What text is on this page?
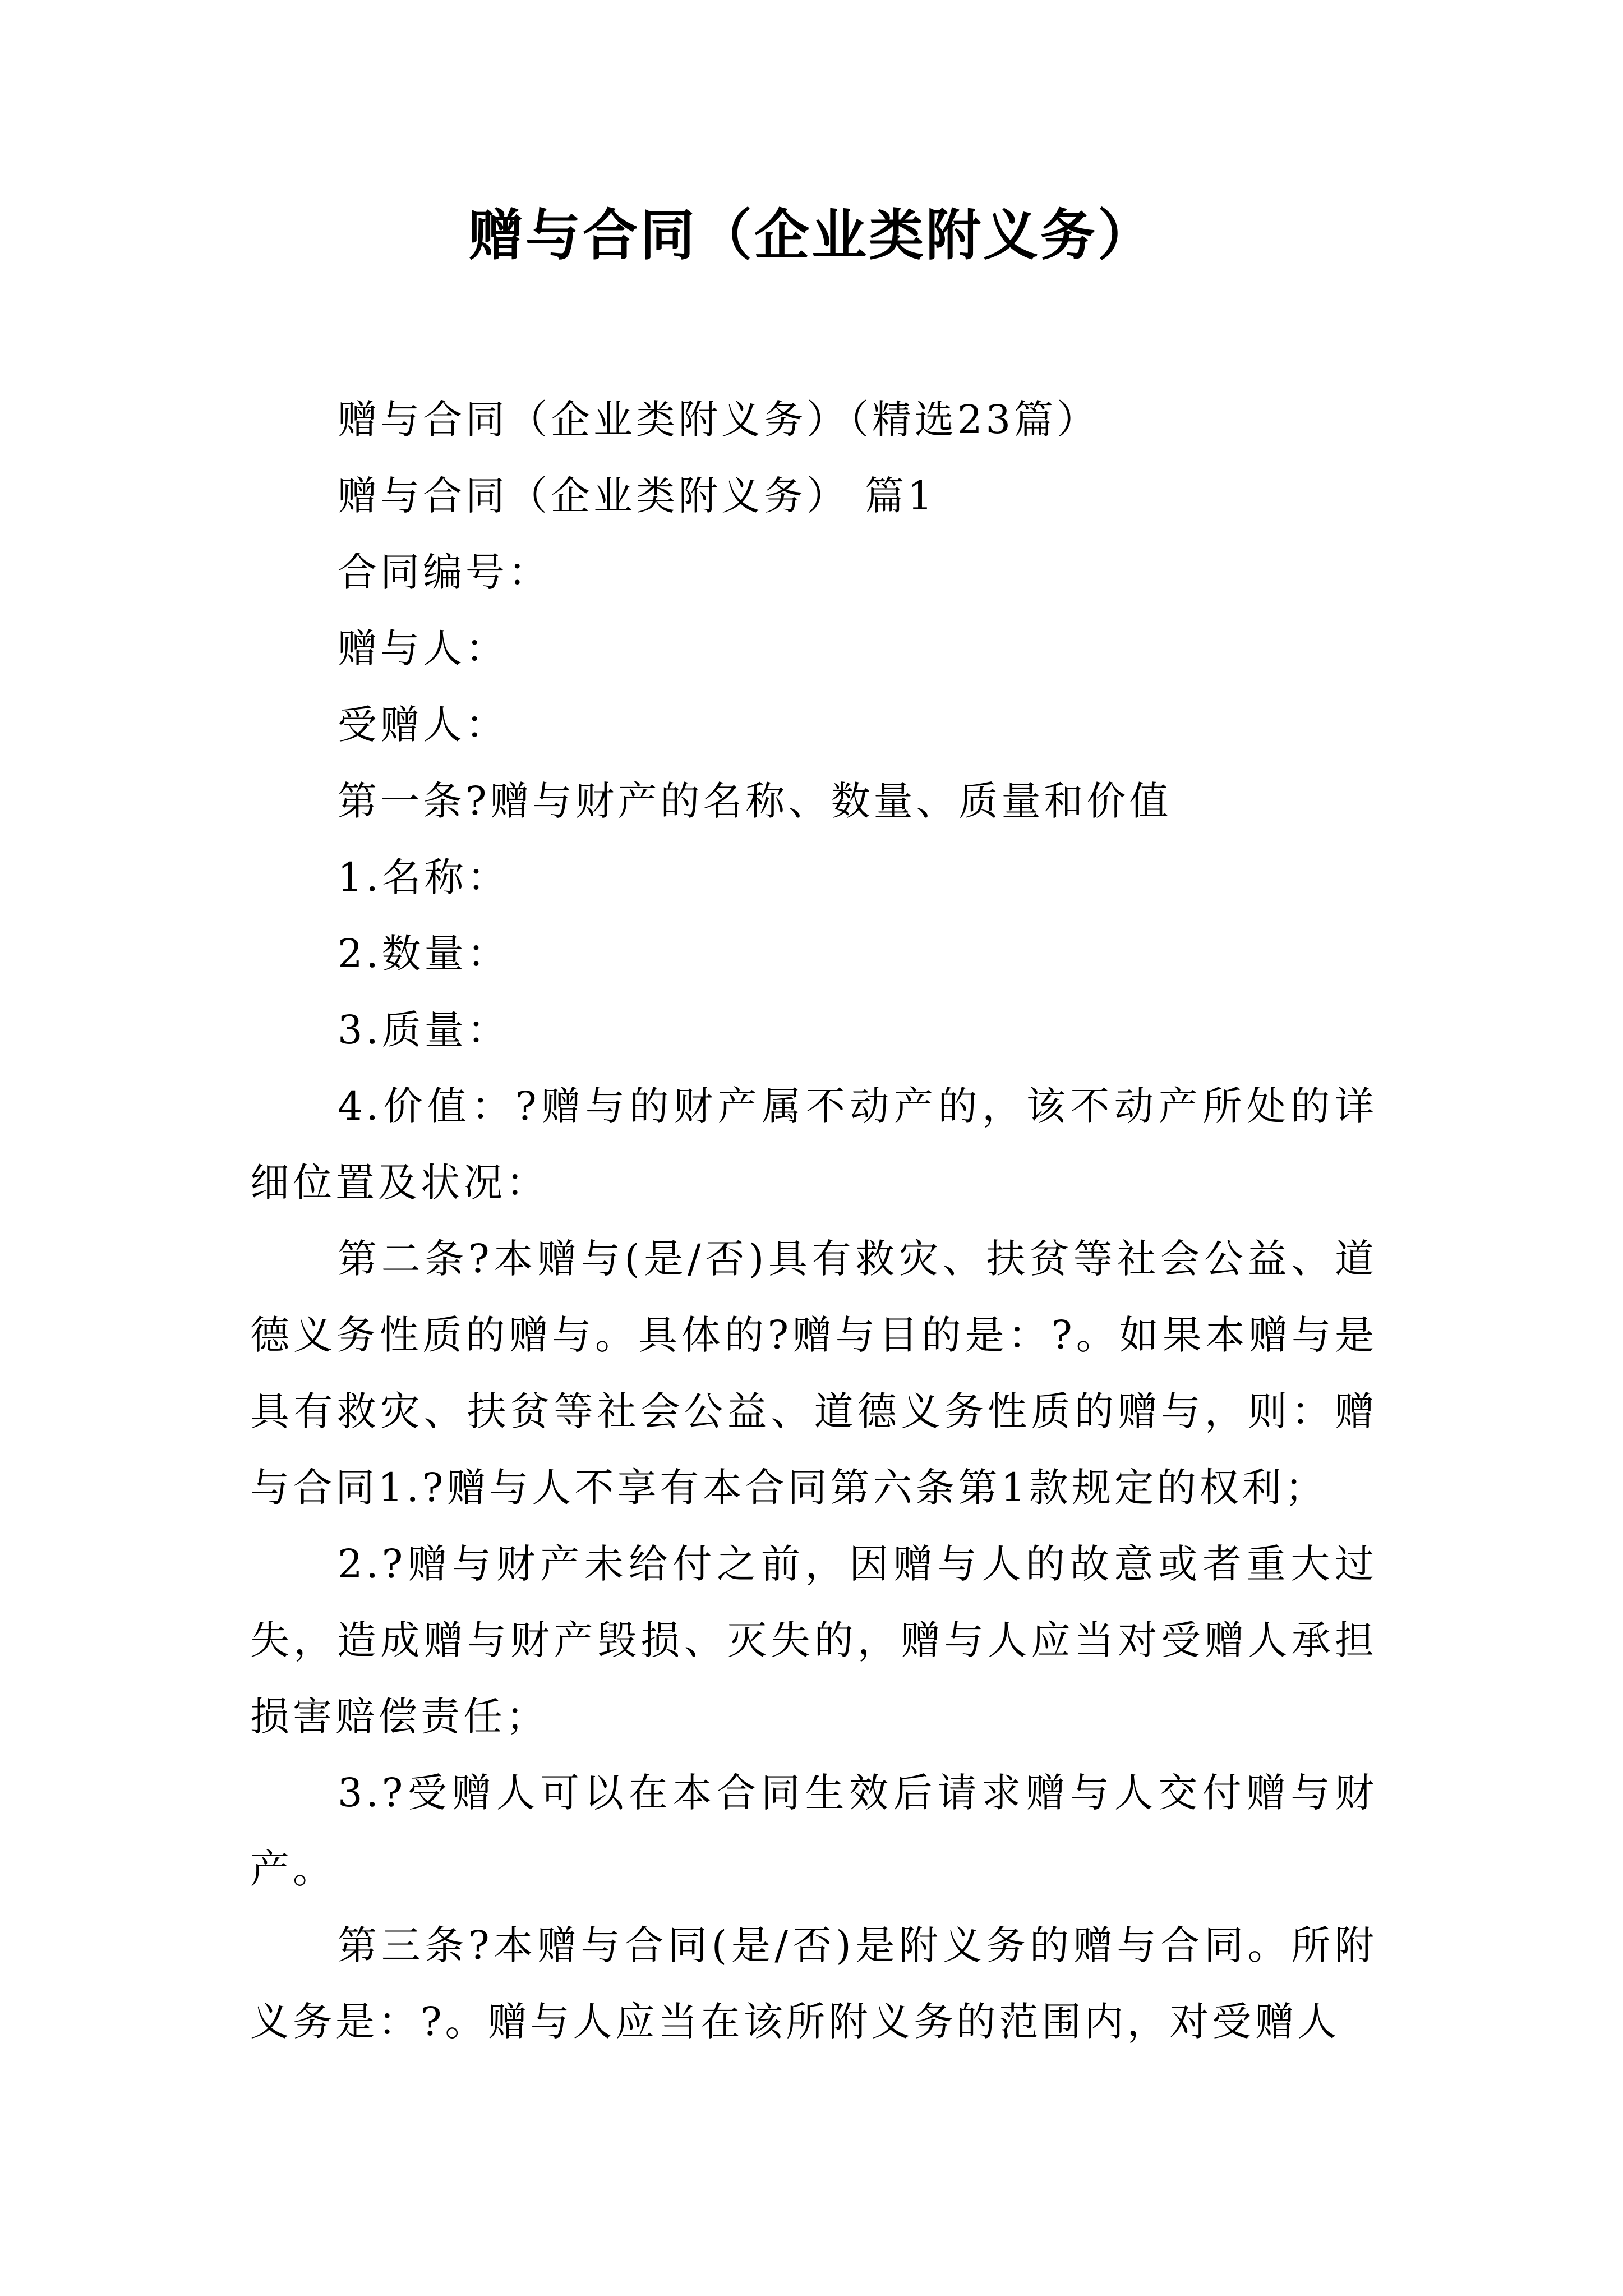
赠与合同（企业类附义务）

赠与合同（企业类附义务）（精选23篇）

赠与合同（企业类附义务） 篇1

合同编号：

赠与人：

受赠人：

第一条?赠与财产的名称、数量、质量和价值

1.名称：

2.数量：

3.质量：

4.价值：?赠与的财产属不动产的，该不动产所处的详细位置及状况：

第二条?本赠与(是/否)具有救灾、扶贫等社会公益、道德义务性质的赠与。具体的?赠与目的是：?。如果本赠与是具有救灾、扶贫等社会公益、道德义务性质的赠与，则：赠与合同1.?赠与人不享有本合同第六条第1款规定的权利；

2.?赠与财产未给付之前，因赠与人的故意或者重大过失，造成赠与财产毁损、灭失的，赠与人应当对受赠人承担损害赔偿责任；

3.?受赠人可以在本合同生效后请求赠与人交付赠与财产。

第三条?本赠与合同(是/否)是附义务的赠与合同。所附义务是：?。赠与人应当在该所附义务的范围内，对受赠人
